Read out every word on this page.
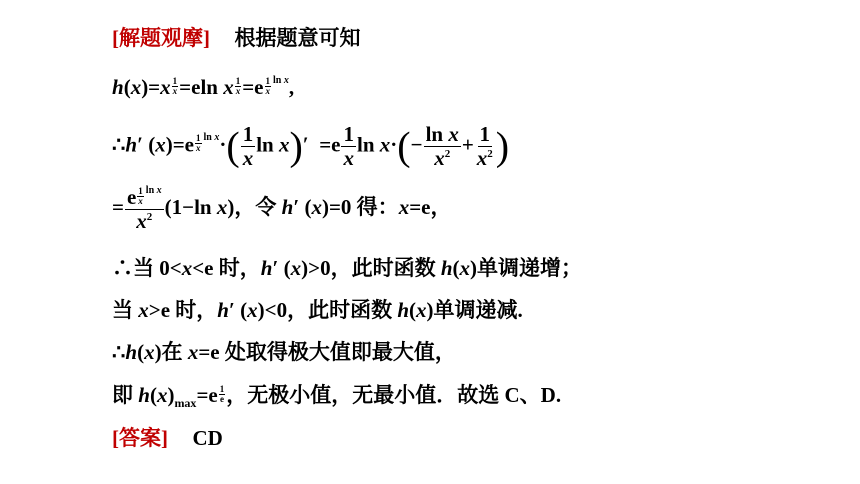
[解题观摩] 根据题意可知
$h(x)=x \frac{1}{x} =eln$ x $\frac{1}{x} =e \frac{1}{x} ^{ln x}$,
∴h′ $(x)=e \frac{1}{x} ^{ln x}\cdot( \frac{1}{x}$ $\ln x)' =e \frac{1}{x}$ $\ln x\cdot(- \frac{\text{ln x}}{x^2} + \frac{1}{x^2}$ )
= $\frac{e \frac{1}{x} ^{ln x}}{x^2} (1-\ln$ x)，令 h′ (x)=0 得：x=e，
∴当 0<x<e 时，h′ (x)>0，此时函数 h(x)单调递增；
当 x>e 时，h′ (x)<0，此时函数 h(x)单调递减.
∴h(x)在 x=e 处取得极大值即最大值，
即 $h(x)_{max}=e \frac{1}{e}$ ，无极小值，无最小值．故选 C、D.
[答案] CD
